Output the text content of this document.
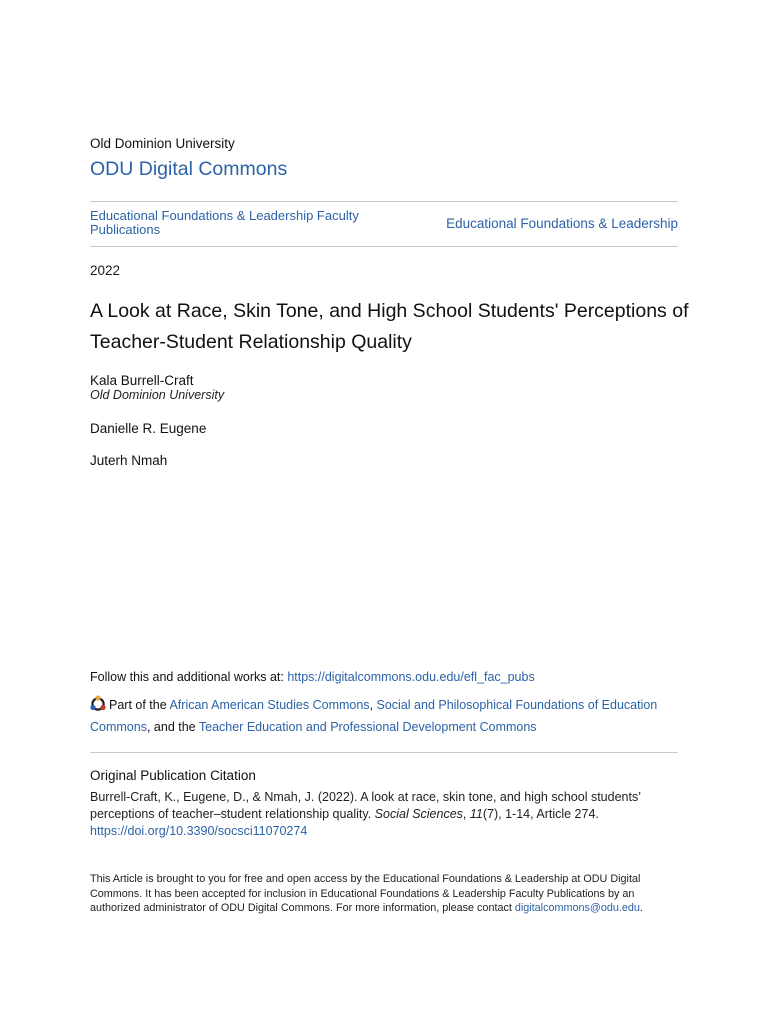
Old Dominion University
ODU Digital Commons
Educational Foundations & Leadership Faculty Publications	Educational Foundations & Leadership
2022
A Look at Race, Skin Tone, and High School Students' Perceptions of Teacher-Student Relationship Quality
Kala Burrell-Craft
Old Dominion University
Danielle R. Eugene
Juterh Nmah
Follow this and additional works at: https://digitalcommons.odu.edu/efl_fac_pubs
Part of the African American Studies Commons, Social and Philosophical Foundations of Education Commons, and the Teacher Education and Professional Development Commons
Original Publication Citation
Burrell-Craft, K., Eugene, D., & Nmah, J. (2022). A look at race, skin tone, and high school students’ perceptions of teacher–student relationship quality. Social Sciences, 11(7), 1-14, Article 274.
https://doi.org/10.3390/socsci11070274
This Article is brought to you for free and open access by the Educational Foundations & Leadership at ODU Digital Commons. It has been accepted for inclusion in Educational Foundations & Leadership Faculty Publications by an authorized administrator of ODU Digital Commons. For more information, please contact digitalcommons@odu.edu.
